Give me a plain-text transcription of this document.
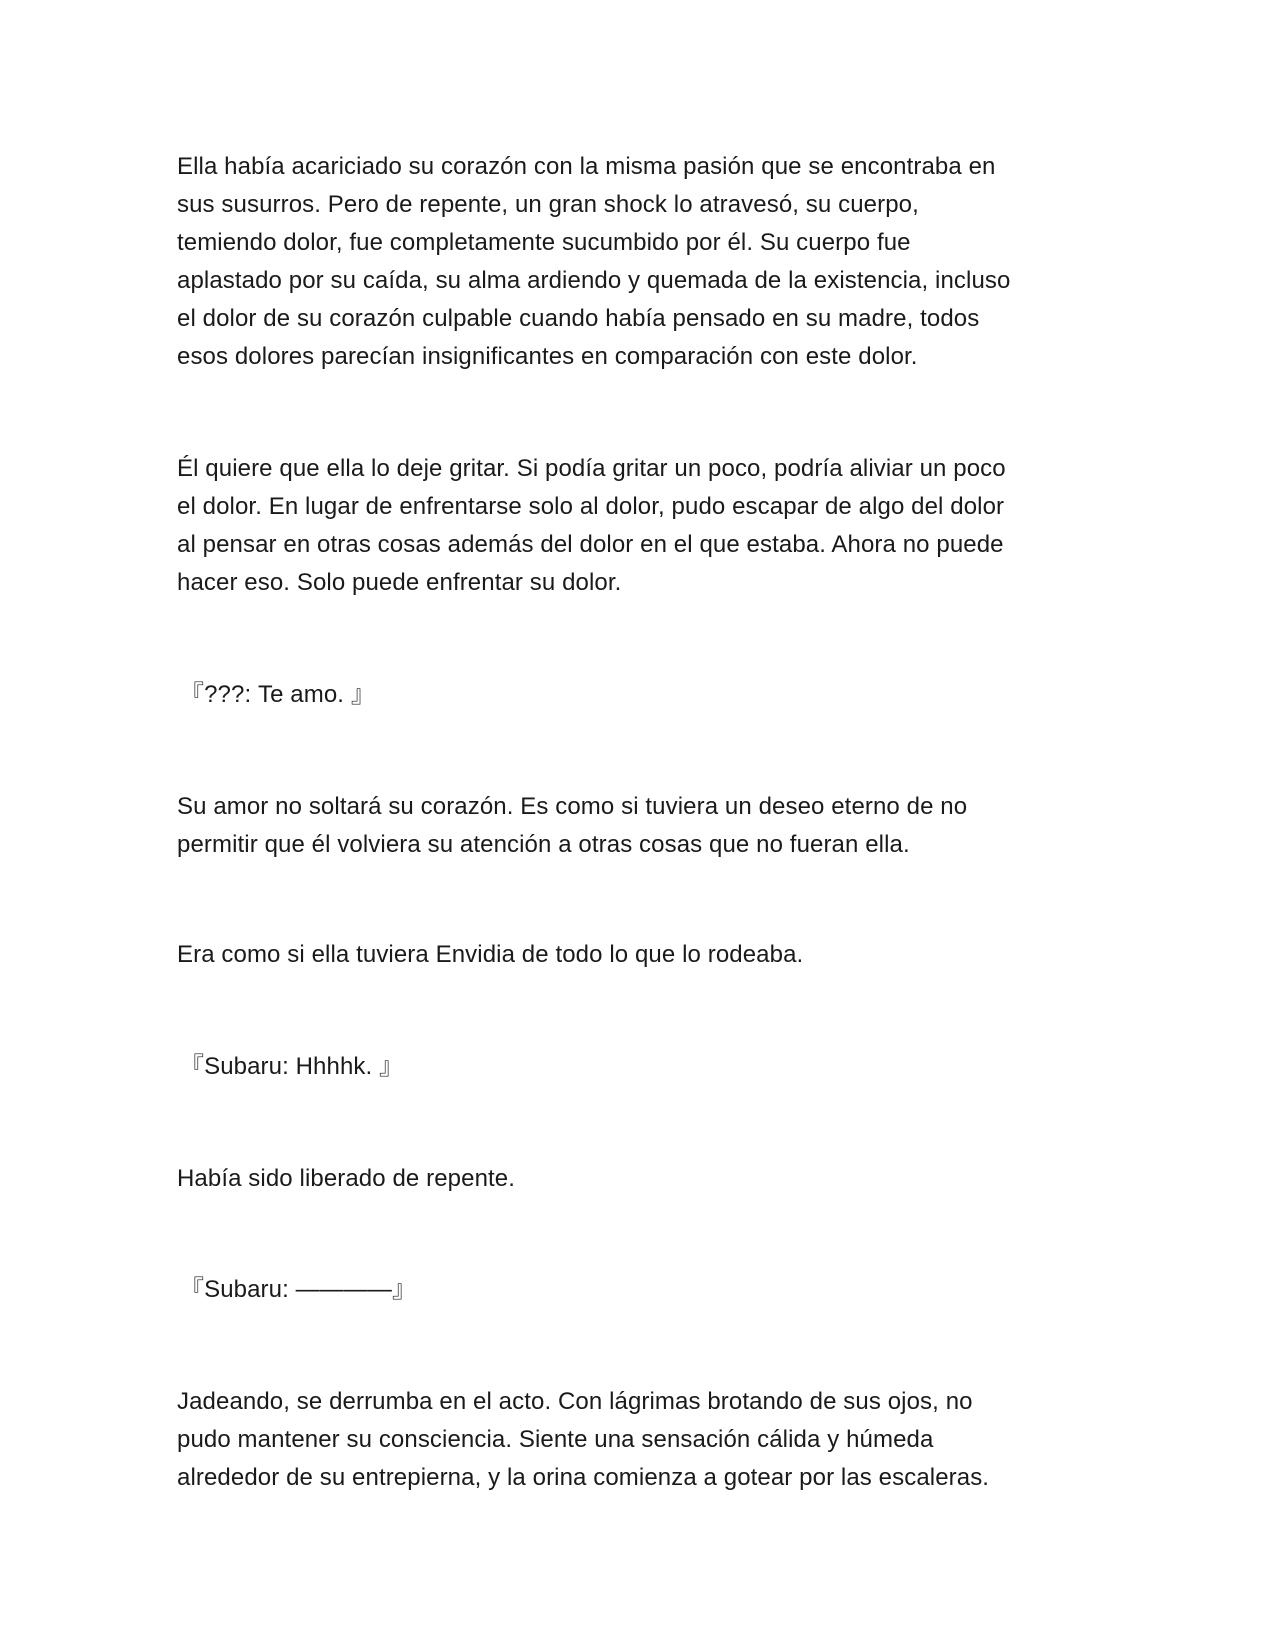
Ella había acariciado su corazón con la misma pasión que se encontraba en
sus susurros. Pero de repente, un gran shock lo atravesó, su cuerpo,
temiendo dolor, fue completamente sucumbido por él. Su cuerpo fue
aplastado por su caída, su alma ardiendo y quemada de la existencia, incluso
el dolor de su corazón culpable cuando había pensado en su madre, todos
esos dolores parecían insignificantes en comparación con este dolor.
Él quiere que ella lo deje gritar. Si podía gritar un poco, podría aliviar un poco
el dolor. En lugar de enfrentarse solo al dolor, pudo escapar de algo del dolor
al pensar en otras cosas además del dolor en el que estaba. Ahora no puede
hacer eso. Solo puede enfrentar su dolor.
『???: Te amo. 』
Su amor no soltará su corazón. Es como si tuviera un deseo eterno de no
permitir que él volviera su atención a otras cosas que no fueran ella.
Era como si ella tuviera Envidia de todo lo que lo rodeaba.
『Subaru: Hhhhk. 』
Había sido liberado de repente.
『Subaru: ————』
Jadeando, se derrumba en el acto. Con lágrimas brotando de sus ojos, no
pudo mantener su consciencia. Siente una sensación cálida y húmeda
alrededor de su entrepierna, y la orina comienza a gotear por las escaleras.
